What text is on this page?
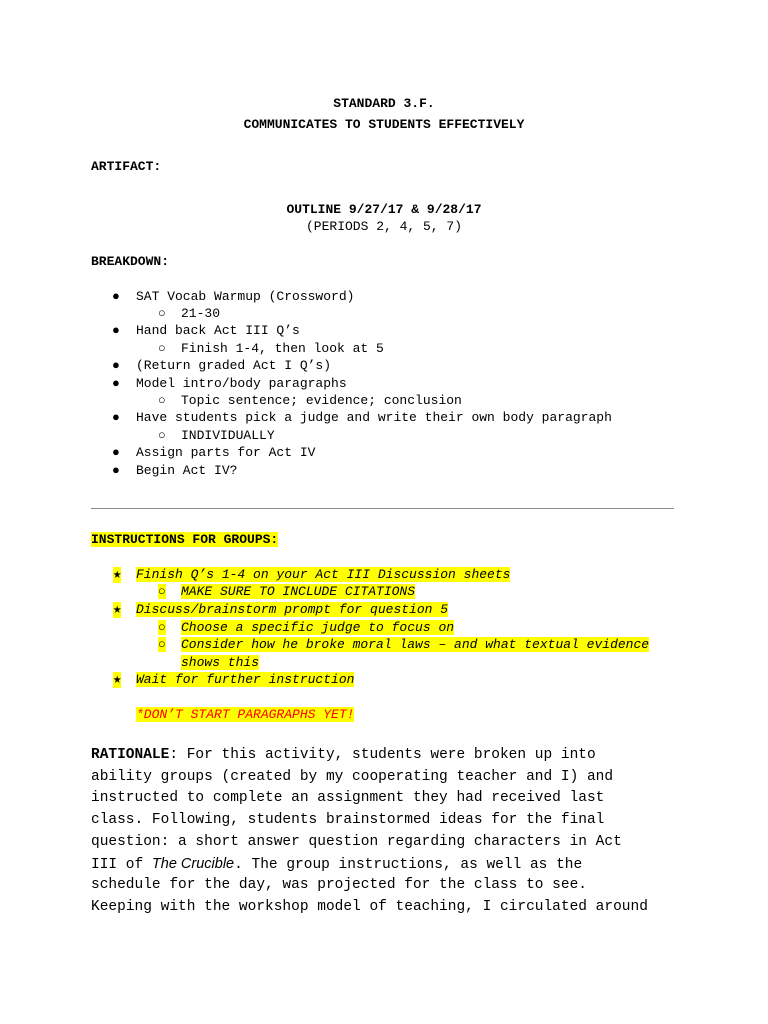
STANDARD 3.F.
COMMUNICATES TO STUDENTS EFFECTIVELY
ARTIFACT:
OUTLINE 9/27/17 & 9/28/17
(PERIODS 2, 4, 5, 7)
BREAKDOWN:
● SAT Vocab Warmup (Crossword)
○ 21-30
● Hand back Act III Q’s
○ Finish 1-4, then look at 5
● (Return graded Act I Q’s)
● Model intro/body paragraphs
○ Topic sentence; evidence; conclusion
● Have students pick a judge and write their own body paragraph
○ INDIVIDUALLY
● Assign parts for Act IV
● Begin Act IV?
INSTRUCTIONS FOR GROUPS:
★ Finish Q’s 1-4 on your Act III Discussion sheets
○ MAKE SURE TO INCLUDE CITATIONS
★ Discuss/brainstorm prompt for question 5
○ Choose a specific judge to focus on
○ Consider how he broke moral laws – and what textual evidence
shows this
★ Wait for further instruction
*DON’T START PARAGRAPHS YET!
RATIONALE: For this activity, students were broken up into
ability groups (created by my cooperating teacher and I) and
instructed to complete an assignment they had received last
class. Following, students brainstormed ideas for the final
question: a short answer question regarding characters in Act
III of The Crucible. The group instructions, as well as the
schedule for the day, was projected for the class to see.
Keeping with the workshop model of teaching, I circulated around
